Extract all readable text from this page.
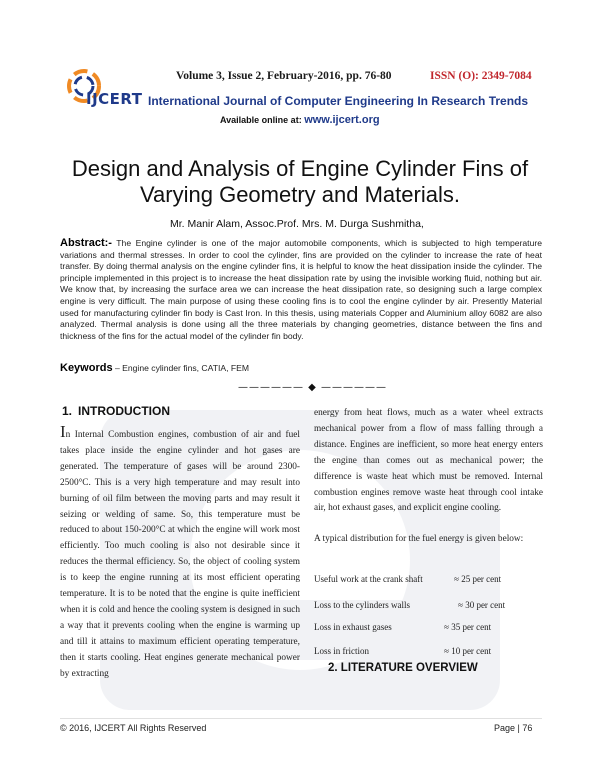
IJCERT
Volume 3, Issue 2, February-2016, pp. 76-80	ISSN (O): 2349-7084
International Journal of Computer Engineering In Research Trends
Available online at: www.ijcert.org
Design and Analysis of Engine Cylinder Fins of Varying Geometry and Materials.
Mr. Manir Alam, Assoc.Prof. Mrs. M. Durga Sushmitha,
Abstract:- The Engine cylinder is one of the major automobile components, which is subjected to high temperature variations and thermal stresses. In order to cool the cylinder, fins are provided on the cylinder to increase the rate of heat transfer. By doing thermal analysis on the engine cylinder fins, it is helpful to know the heat dissipation inside the cylinder. The principle implemented in this project is to increase the heat dissipation rate by using the invisible working fluid, nothing but air. We know that, by increasing the surface area we can increase the heat dissipation rate, so designing such a large complex engine is very difficult. The main purpose of using these cooling fins is to cool the engine cylinder by air. Presently Material used for manufacturing cylinder fin body is Cast Iron. In this thesis, using materials Copper and Aluminium alloy 6082 are also analyzed. Thermal analysis is done using all the three materials by changing geometries, distance between the fins and thickness of the fins for the actual model of the cylinder fin body.
Keywords – Engine cylinder fins, CATIA, FEM
—————— ◆ ——————
1. INTRODUCTION

In Internal Combustion engines, combustion of air and fuel takes place inside the engine cylinder and hot gases are generated. The temperature of gases will be around 2300-2500°C. This is a very high temperature and may result into burning of oil film between the moving parts and may result it seizing or welding of same. So, this temperature must be reduced to about 150-200°C at which the engine will work most efficiently. Too much cooling is also not desirable since it reduces the thermal efficiency. So, the object of cooling system is to keep the engine running at its most efficient operating temperature. It is to be noted that the engine is quite inefficient when it is cold and hence the cooling system is designed in such a way that it prevents cooling when the engine is warming up and till it attains to maximum efficient operating temperature, then it starts cooling. Heat engines generate mechanical power by extracting

energy from heat flows, much as a water wheel extracts mechanical power from a flow of mass falling through a distance. Engines are inefficient, so more heat energy enters the engine than comes out as mechanical power; the difference is waste heat which must be removed. Internal combustion engines remove waste heat through cool intake air, hot exhaust gases, and explicit engine cooling.

A typical distribution for the fuel energy is given below:
Useful work at the crank shaft	≈ 25 per cent
Loss to the cylinders walls	≈ 30 per cent
Loss in exhaust gases	≈ 35 per cent
Loss in friction	≈ 10 per cent
2. LITERATURE OVERVIEW
© 2016, IJCERT All Rights Reserved	Page | 76
